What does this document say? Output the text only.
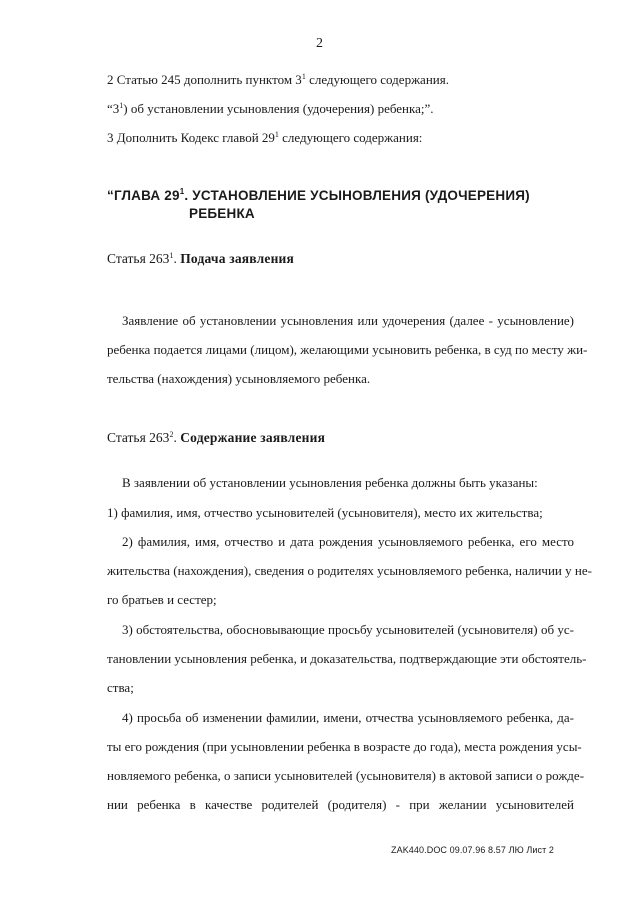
2
2 Статью 245 дополнить пунктом $3^1$ следующего содержания.
“$3^1$) об установлении усыновления (удочерения) ребенка;”.
3 Дополнить Кодекс главой $29^1$ следующего содержания:
“ГЛАВА $29^1$. УСТАНОВЛЕНИЕ УСЫНОВЛЕНИЯ (УДОЧЕРЕНИЯ)
РЕБЕНКА
Статья $263^1$. Подача заявления
Заявление об установлении усыновления или удочерения (далее - усыновление)
ребенка подается лицами (лицом), желающими усыновить ребенка, в суд по месту жи-
тельства (нахождения) усыновляемого ребенка.
Статья $263^2$. Содержание заявления
В заявлении об установлении усыновления ребенка должны быть указаны:
1) фамилия, имя, отчество усыновителей (усыновителя), место их жительства;
2) фамилия, имя, отчество и дата рождения усыновляемого ребенка, его место
жительства (нахождения), сведения о родителях усыновляемого ребенка, наличии у не-
го братьев и сестер;
3) обстоятельства, обосновывающие просьбу усыновителей (усыновителя) об ус-
тановлении усыновления ребенка, и доказательства, подтверждающие эти обстоятель-
ства;
4) просьба об изменении фамилии, имени, отчества усыновляемого ребенка, да-
ты его рождения (при усыновлении ребенка в возрасте до года), места рождения усы-
новляемого ребенка, о записи усыновителей (усыновителя) в актовой записи о рожде-
нии ребенка в качестве родителей (родителя) - при желании усыновителей
ZAK440.DOC 09.07.96 8.57 ЛЮ Лист 2
